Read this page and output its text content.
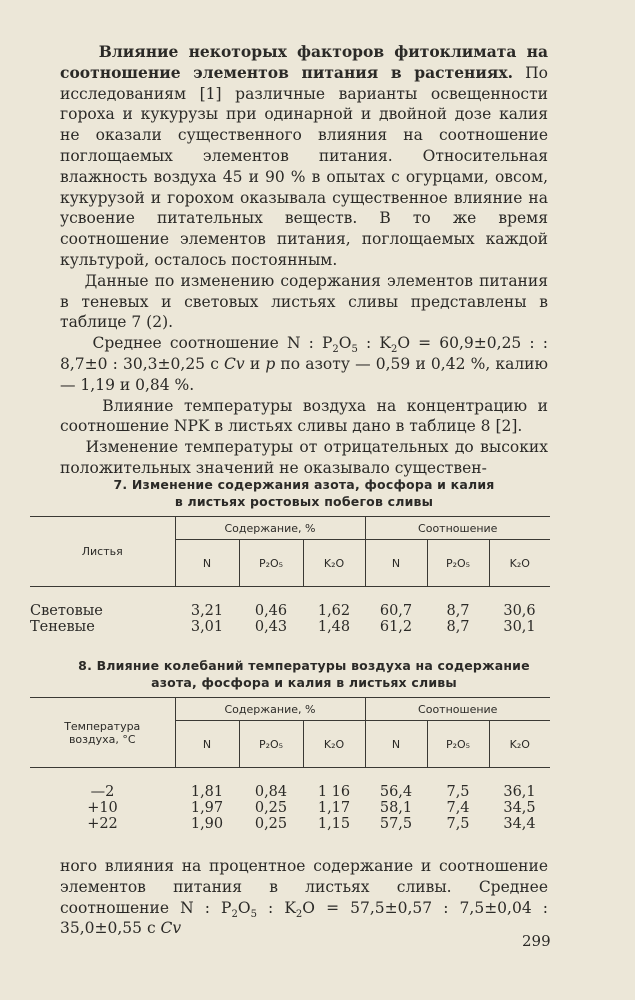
Влияние некоторых факторов фитоклимата на соотношение элементов питания в растениях. По исследованиям [1] различные варианты освещенности гороха и кукурузы при одинарной и двойной дозе калия не оказали существенного влияния на соотношение поглощаемых элементов питания. Относительная влажность воздуха 45 и 90 % в опытах с огурцами, овсом, кукурузой и горохом оказывала существенное влияние на усвоение питательных веществ. В то же время соотношение элементов питания, поглощаемых каждой культурой, осталось постоянным.

Данные по изменению содержания элементов питания в теневых и световых листьях сливы представлены в таблице 7 (2).

Среднее соотношение N : $P_2O_5$ : $K_2O = 60,9\pm 0,25$ : : 8,7±0 : 30,3±0,25 с Cv и p по азоту — 0,59 и 0,42 %, калию — 1,19 и 0,84 %.

Влияние температуры воздуха на концентрацию и соотношение NPK в листьях сливы дано в таблице 8 [2].

Изменение температуры от отрицательных до высоких положительных значений не оказывало существен-

7. Изменение содержания азота, фосфора и калия
в листьях ростовых побегов сливы
Листья	Содержание, %			Соотношение		
	N	P₂O₅	K₂O	N	P₂O₅	K₂O

Световые	3,21	0,46	1,62	60,7	8,7	30,6
Теневые	3,01	0,43	1,48	61,2	8,7	30,1
8. Влияние колебаний температуры воздуха на содержание
азота, фосфора и калия в листьях сливы
Температура
воздуха, °С	Содержание, %			Соотношение		
	N	P₂O₅	K₂O	N	P₂O₅	K₂O

—2	1,81	0,84	1 16	56,4	7,5	36,1
+10	1,97	0,25	1,17	58,1	7,4	34,5
+22	1,90	0,25	1,15	57,5	7,5	34,4

ного влияния на процентное содержание и соотношение элементов питания в листьях сливы. Среднее соотношение N : $P_2O_5$ : $K_2O = 57,5\pm 0,57$ : 7,5±0,04 : 35,0±0,55 с Cv

299
